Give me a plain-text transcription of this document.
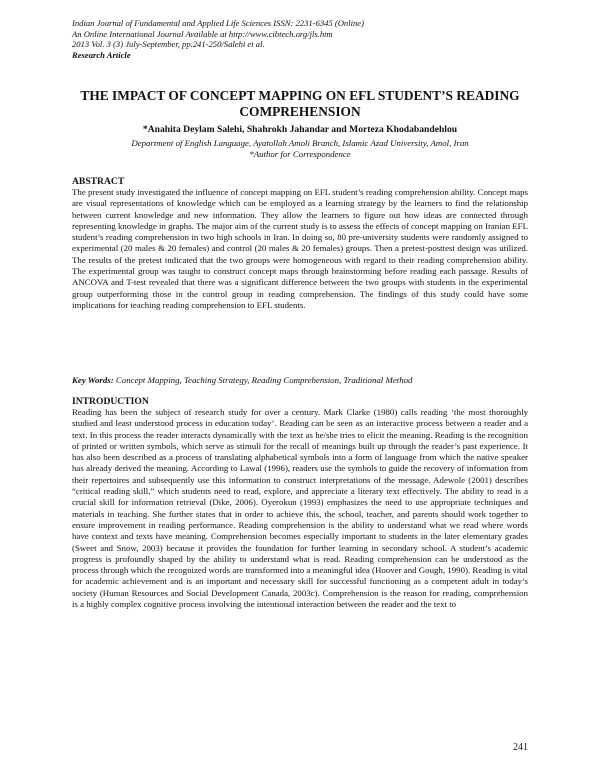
Indian Journal of Fundamental and Applied Life Sciences ISSN: 2231-6345 (Online)
An Online International Journal Available at http://www.cibtech.org/jls.htm
2013 Vol. 3 (3) July-September, pp.241-250/Salehi et al.
Research Article
THE IMPACT OF CONCEPT MAPPING ON EFL STUDENT’S READING
COMPREHENSION
*Anahita Deylam Salehi, Shahrokh Jahandar and Morteza Khodabandehlou
Department of English Language, Ayatollah Amoli Branch, Islamic Azad University, Amol, Iran
*Author for Correspondence
ABSTRACT
The present study investigated the influence of concept mapping on EFL student’s reading comprehension ability. Concept maps are visual representations of knowledge which can be employed as a learning strategy by the learners to find the relationship between current knowledge and new information. They allow the learners to figure out how ideas are connected through representing knowledge in graphs. The major aim of the current study is to assess the effects of concept mapping on Iranian EFL student’s reading comprehension in two high schools in Iran. In doing so, 80 pre-university students were randomly assigned to experimental (20 males & 20 females) and control (20 males & 20 females) groups. Then a pretest-posttest design was utilized. The results of the pretest indicated that the two groups were homogeneous with regard to their reading comprehension ability. The experimental group was taught to construct concept maps through brainstorming before reading each passage. Results of ANCOVA and T-test revealed that there was a significant difference between the two groups with students in the experimental group outperforming those in the control group in reading comprehension. The findings of this study could have some implications for teaching reading comprehension to EFL students.
Key Words: Concept Mapping, Teaching Strategy, Reading Comprehension, Traditional Method
INTRODUCTION
Reading has been the subject of research study for over a century. Mark Clarke (1980) calls reading ‘the most thoroughly studied and least understood process in education today’. Reading can be seen as an interactive process between a reader and a text. In this process the reader interacts dynamically with the text as he/she tries to elicit the meaning. Reading is the recognition of printed or written symbols, which serve as stimuli for the recall of meanings built up through the reader’s past experience. It has also been described as a process of translating alphabetical symbols into a form of language from which the native speaker has already derived the meaning. According to Lawal (1996), readers use the symbols to guide the recovery of information from their repertoires and subsequently use this information to construct interpretations of the message. Adewole (2001) describes “critical reading skill,” which students need to read, explore, and appreciate a literary text effectively. The ability to read is a crucial skill for information retrieval (Dike, 2006). Oyerokun (1993) emphasizes the need to use appropriate techniques and materials in teaching. She further states that in order to achieve this, the school, teacher, and parents should work together to ensure improvement in reading performance. Reading comprehension is the ability to understand what we read where words have context and texts have meaning. Comprehension becomes especially important to students in the later elementary grades (Sweet and Snow, 2003) because it provides the foundation for further learning in secondary school. A student’s academic progress is profoundly shaped by the ability to understand what is read. Reading comprehension can be understood as the process through which the recognized words are transformed into a meaningful idea (Hoover and Gough, 1990). Reading is vital for academic achievement and is an important and necessary skill for successful functioning as a competent adult in today’s society (Human Resources and Social Development Canada, 2003c). Comprehension is the reason for reading, comprehension is a highly complex cognitive process involving the intentional interaction between the reader and the text to
241
